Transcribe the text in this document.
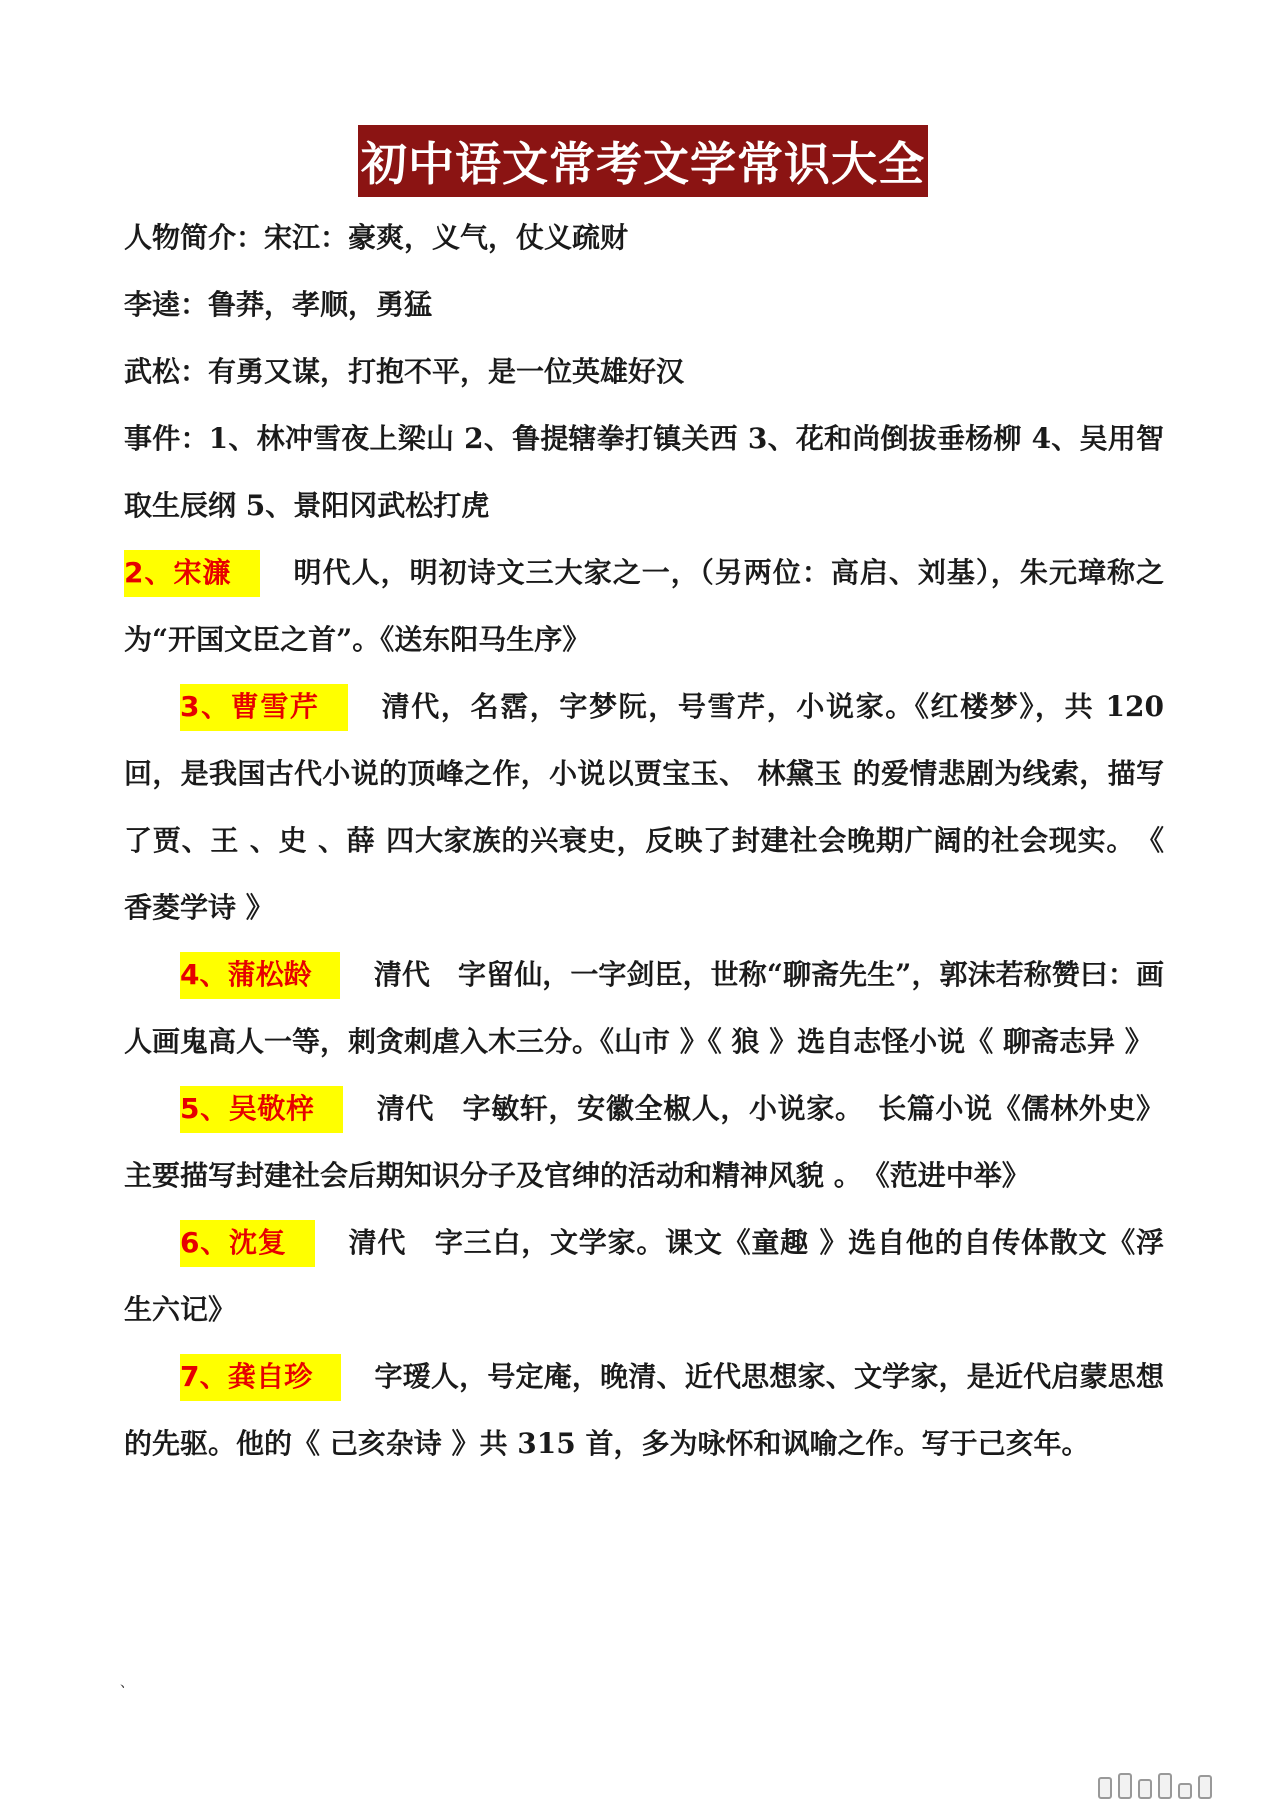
初中语文常考文学常识大全

人物简介：宋江：豪爽，义气，仗义疏财

李逵：鲁莽，孝顺，勇猛

武松：有勇又谋，打抱不平，是一位英雄好汉

事件：1、林冲雪夜上梁山 2、鲁提辖拳打镇关西 3、花和尚倒拔垂杨柳 4、吴用智取生辰纲 5、景阳冈武松打虎

2、宋濂 明代人，明初诗文三大家之一，（另两位：高启、刘基），朱元璋称之为“开国文臣之首”。《送东阳马生序》

3、曹雪芹 清代，名霑，字梦阮，号雪芹，小说家。《红楼梦》，共 120 回，是我国古代小说的顶峰之作，小说以贾宝玉、 林黛玉 的爱情悲剧为线索，描写了贾、王 、史 、薛 四大家族的兴衰史，反映了封建社会晚期广阔的社会现实。　《 香菱学诗 》

4、蒲松龄 清代　字留仙，一字剑臣，世称“聊斋先生”，郭沫若称赞曰：画人画鬼高人一等，刺贪刺虐入木三分。《山市 》《 狼 》选自志怪小说《 聊斋志异 》

5、吴敬梓 清代　字敏轩，安徽全椒人，小说家。　长篇小说《儒林外史》主要描写封建社会后期知识分子及官绅的活动和精神风貌 。　《范进中举》

6、沈复 清代　字三白，文学家。课文《童趣 》选自他的自传体散文《浮生六记》

7、龚自珍 字瑷人，号定庵，晚清、近代思想家、文学家，是近代启蒙思想的先驱。他的《 己亥杂诗 》共 315 首，多为咏怀和讽喻之作。写于己亥年。

、
